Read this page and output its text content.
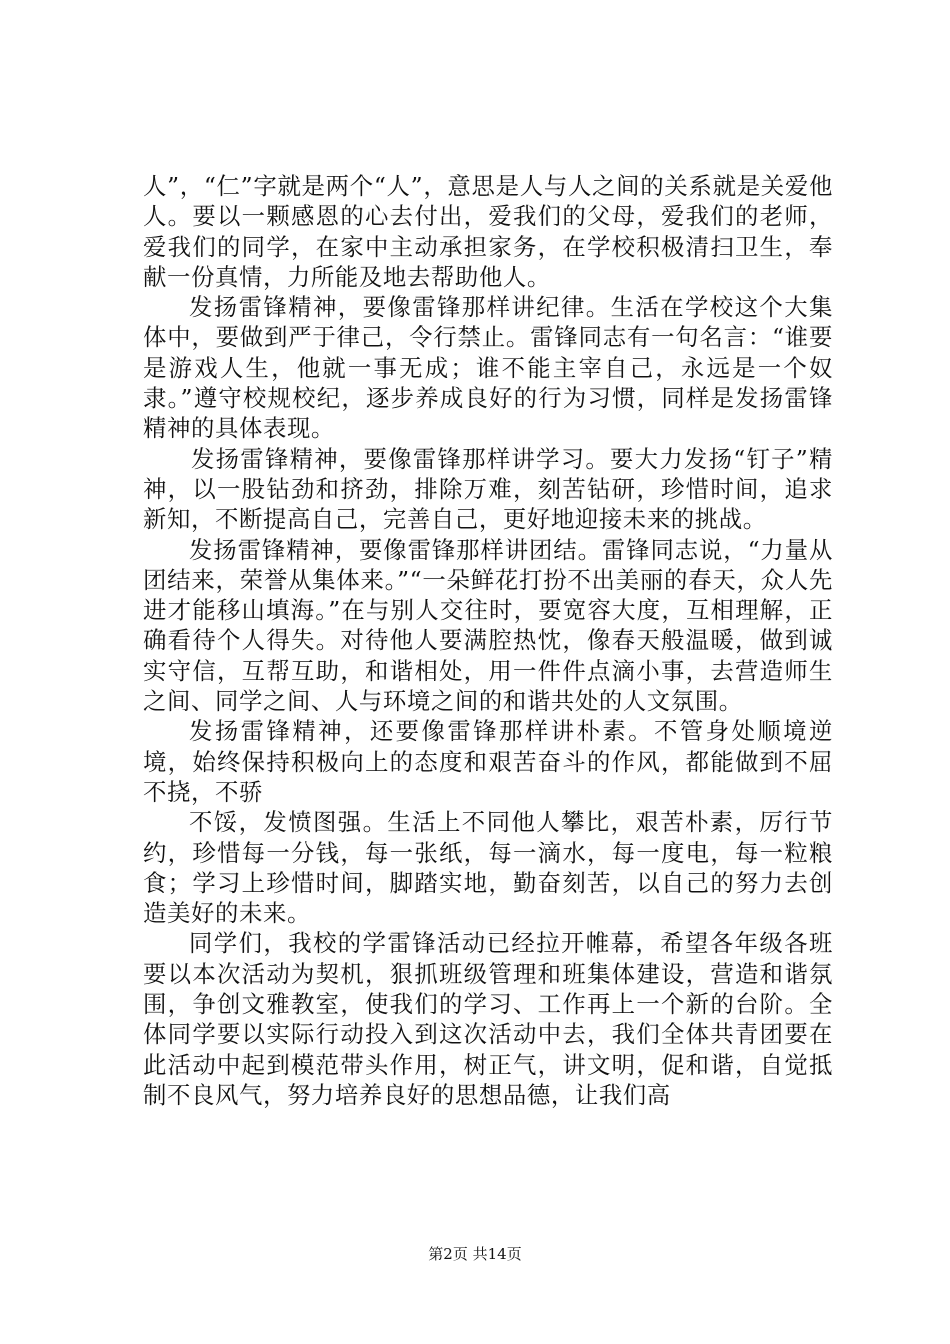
人”，“仁”字就是两个“人”，意思是人与人之间的关系就是关爱他人。要以一颗感恩的心去付出，爱我们的父母，爱我们的老师，爱我们的同学，在家中主动承担家务，在学校积极清扫卫生，奉献一份真情，力所能及地去帮助他人。

发扬雷锋精神，要像雷锋那样讲纪律。生活在学校这个大集体中，要做到严于律己，令行禁止。雷锋同志有一句名言：“谁要是游戏人生，他就一事无成；谁不能主宰自己，永远是一个奴隶。”遵守校规校纪，逐步养成良好的行为习惯，同样是发扬雷锋精神的具体表现。

发扬雷锋精神，要像雷锋那样讲学习。要大力发扬“钉子”精神，以一股钻劲和挤劲，排除万难，刻苦钻研，珍惜时间，追求新知，不断提高自己，完善自己，更好地迎接未来的挑战。

发扬雷锋精神，要像雷锋那样讲团结。雷锋同志说，“力量从团结来，荣誉从集体来。”“一朵鲜花打扮不出美丽的春天，众人先进才能移山填海。”在与别人交往时，要宽容大度，互相理解，正确看待个人得失。对待他人要满腔热忱，像春天般温暖，做到诚实守信，互帮互助，和谐相处，用一件件点滴小事，去营造师生之间、同学之间、人与环境之间的和谐共处的人文氛围。

发扬雷锋精神，还要像雷锋那样讲朴素。不管身处顺境逆境，始终保持积极向上的态度和艰苦奋斗的作风，都能做到不屈不挠，不骄

不馁，发愤图强。生活上不同他人攀比，艰苦朴素，厉行节约，珍惜每一分钱，每一张纸，每一滴水，每一度电，每一粒粮食；学习上珍惜时间，脚踏实地，勤奋刻苦，以自己的努力去创造美好的未来。

同学们，我校的学雷锋活动已经拉开帷幕，希望各年级各班要以本次活动为契机，狠抓班级管理和班集体建设，营造和谐氛围，争创文雅教室，使我们的学习、工作再上一个新的台阶。全体同学要以实际行动投入到这次活动中去，我们全体共青团要在此活动中起到模范带头作用，树正气，讲文明，促和谐，自觉抵制不良风气，努力培养良好的思想品德，让我们高

第2页 共14页
